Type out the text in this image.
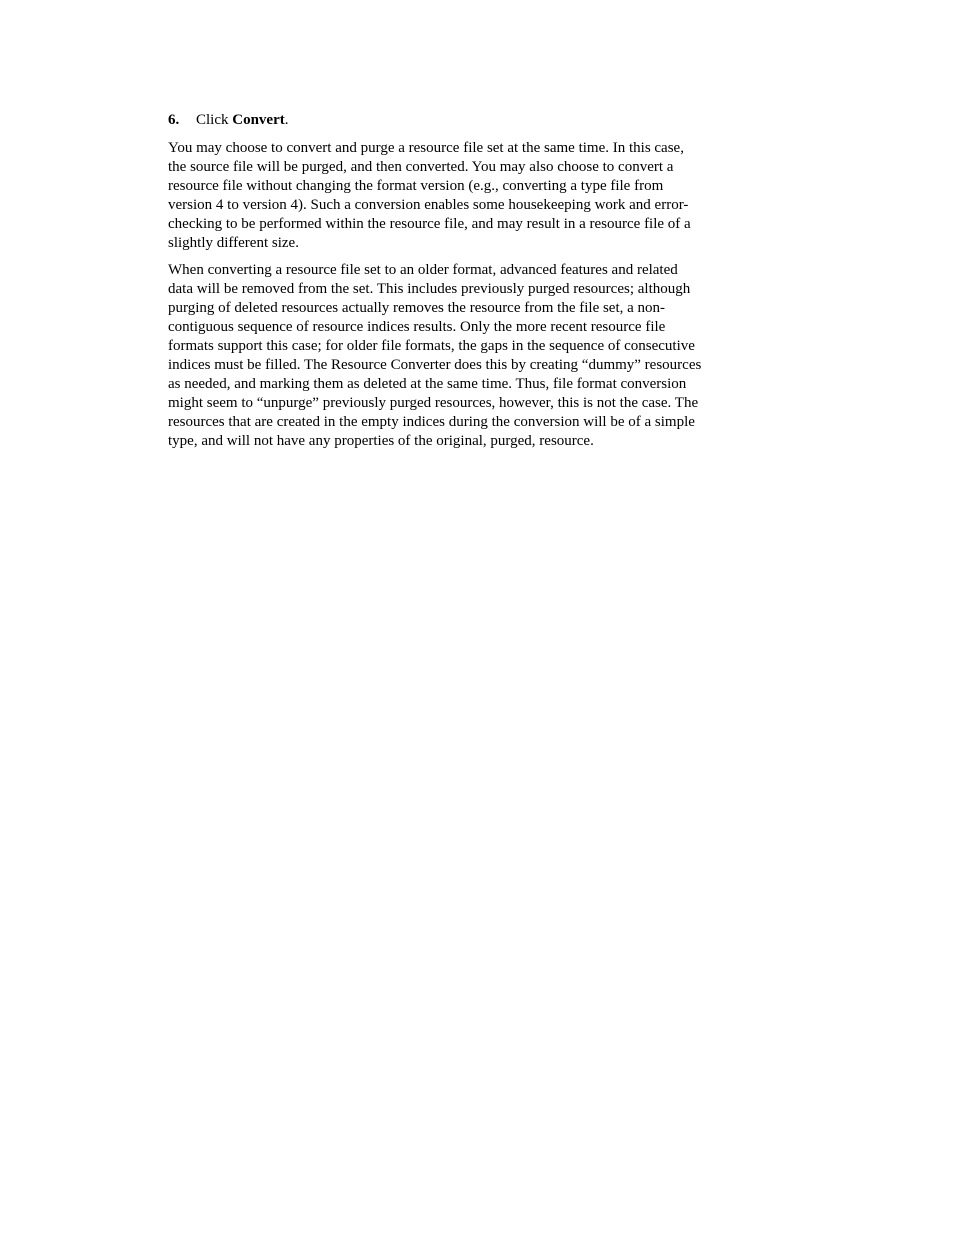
6. Click Convert.
You may choose to convert and purge a resource file set at the same time. In this case,
the source file will be purged, and then converted. You may also choose to convert a
resource file without changing the format version (e.g., converting a type file from
version 4 to version 4). Such a conversion enables some housekeeping work and error-
checking to be performed within the resource file, and may result in a resource file of a
slightly different size.
When converting a resource file set to an older format, advanced features and related
data will be removed from the set. This includes previously purged resources; although
purging of deleted resources actually removes the resource from the file set, a non-
contiguous sequence of resource indices results. Only the more recent resource file
formats support this case; for older file formats, the gaps in the sequence of consecutive
indices must be filled. The Resource Converter does this by creating “dummy” resources
as needed, and marking them as deleted at the same time. Thus, file format conversion
might seem to “unpurge” previously purged resources, however, this is not the case. The
resources that are created in the empty indices during the conversion will be of a simple
type, and will not have any properties of the original, purged, resource.
